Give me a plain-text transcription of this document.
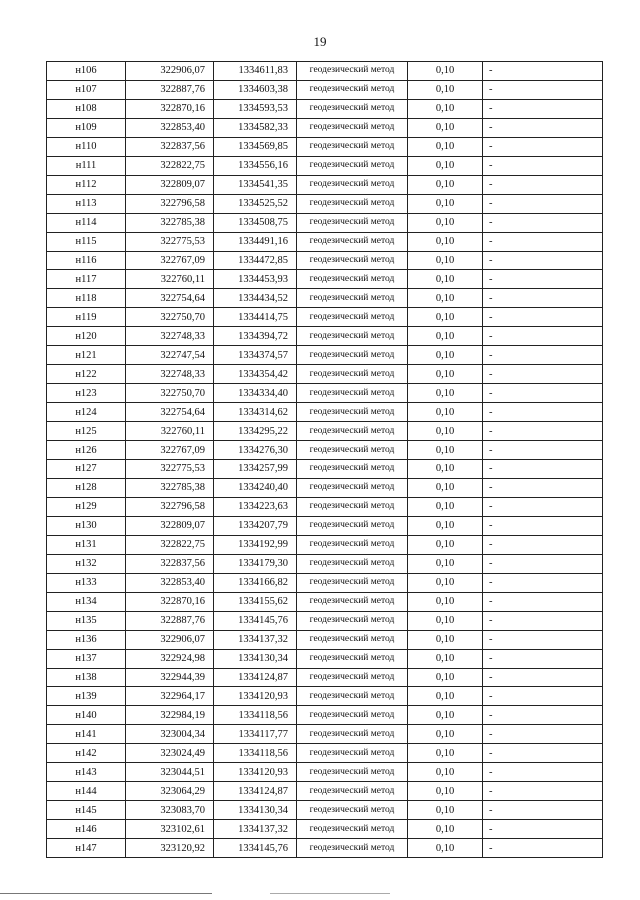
19
н106	322906,07	1334611,83	геодезический метод	0,10	-
н107	322887,76	1334603,38	геодезический метод	0,10	-
н108	322870,16	1334593,53	геодезический метод	0,10	-
н109	322853,40	1334582,33	геодезический метод	0,10	-
н110	322837,56	1334569,85	геодезический метод	0,10	-
н111	322822,75	1334556,16	геодезический метод	0,10	-
н112	322809,07	1334541,35	геодезический метод	0,10	-
н113	322796,58	1334525,52	геодезический метод	0,10	-
н114	322785,38	1334508,75	геодезический метод	0,10	-
н115	322775,53	1334491,16	геодезический метод	0,10	-
н116	322767,09	1334472,85	геодезический метод	0,10	-
н117	322760,11	1334453,93	геодезический метод	0,10	-
н118	322754,64	1334434,52	геодезический метод	0,10	-
н119	322750,70	1334414,75	геодезический метод	0,10	-
н120	322748,33	1334394,72	геодезический метод	0,10	-
н121	322747,54	1334374,57	геодезический метод	0,10	-
н122	322748,33	1334354,42	геодезический метод	0,10	-
н123	322750,70	1334334,40	геодезический метод	0,10	-
н124	322754,64	1334314,62	геодезический метод	0,10	-
н125	322760,11	1334295,22	геодезический метод	0,10	-
н126	322767,09	1334276,30	геодезический метод	0,10	-
н127	322775,53	1334257,99	геодезический метод	0,10	-
н128	322785,38	1334240,40	геодезический метод	0,10	-
н129	322796,58	1334223,63	геодезический метод	0,10	-
н130	322809,07	1334207,79	геодезический метод	0,10	-
н131	322822,75	1334192,99	геодезический метод	0,10	-
н132	322837,56	1334179,30	геодезический метод	0,10	-
н133	322853,40	1334166,82	геодезический метод	0,10	-
н134	322870,16	1334155,62	геодезический метод	0,10	-
н135	322887,76	1334145,76	геодезический метод	0,10	-
н136	322906,07	1334137,32	геодезический метод	0,10	-
н137	322924,98	1334130,34	геодезический метод	0,10	-
н138	322944,39	1334124,87	геодезический метод	0,10	-
н139	322964,17	1334120,93	геодезический метод	0,10	-
н140	322984,19	1334118,56	геодезический метод	0,10	-
н141	323004,34	1334117,77	геодезический метод	0,10	-
н142	323024,49	1334118,56	геодезический метод	0,10	-
н143	323044,51	1334120,93	геодезический метод	0,10	-
н144	323064,29	1334124,87	геодезический метод	0,10	-
н145	323083,70	1334130,34	геодезический метод	0,10	-
н146	323102,61	1334137,32	геодезический метод	0,10	-
н147	323120,92	1334145,76	геодезический метод	0,10	-
